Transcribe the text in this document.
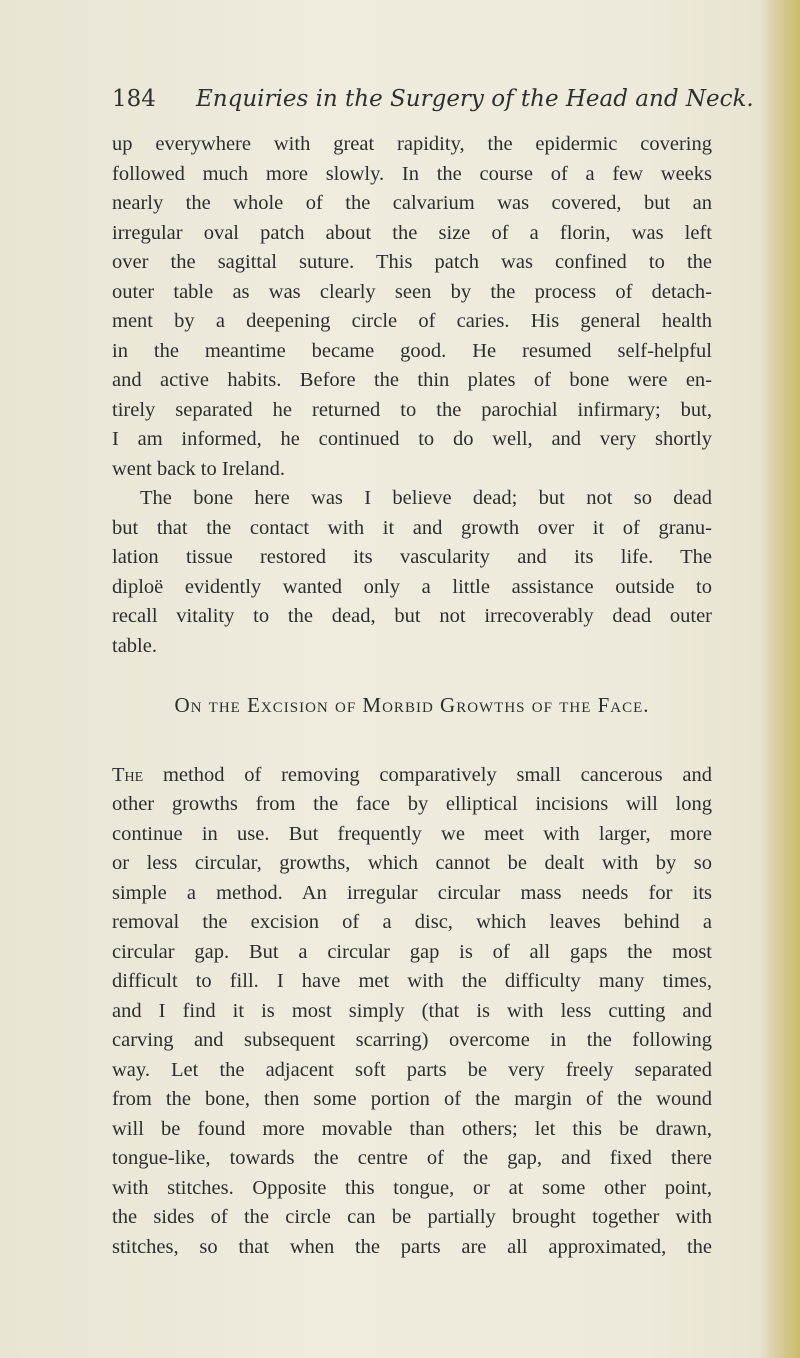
184 Enquiries in the Surgery of the Head and Neck.
up everywhere with great rapidity, the epidermic covering
followed much more slowly. In the course of a few weeks
nearly the whole of the calvarium was covered, but an
irregular oval patch about the size of a florin, was left
over the sagittal suture. This patch was confined to the
outer table as was clearly seen by the process of detach-
ment by a deepening circle of caries. His general health
in the meantime became good. He resumed self-helpful
and active habits. Before the thin plates of bone were en-
tirely separated he returned to the parochial infirmary; but,
I am informed, he continued to do well, and very shortly
went back to Ireland.
The bone here was I believe dead; but not so dead
but that the contact with it and growth over it of granu-
lation tissue restored its vascularity and its life. The
diploë evidently wanted only a little assistance outside to
recall vitality to the dead, but not irrecoverably dead outer
table.
On the Excision of Morbid Growths of the Face.
The method of removing comparatively small cancerous and
other growths from the face by elliptical incisions will long
continue in use. But frequently we meet with larger, more
or less circular, growths, which cannot be dealt with by so
simple a method. An irregular circular mass needs for its
removal the excision of a disc, which leaves behind a
circular gap. But a circular gap is of all gaps the most
difficult to fill. I have met with the difficulty many times,
and I find it is most simply (that is with less cutting and
carving and subsequent scarring) overcome in the following
way. Let the adjacent soft parts be very freely separated
from the bone, then some portion of the margin of the wound
will be found more movable than others; let this be drawn,
tongue-like, towards the centre of the gap, and fixed there
with stitches. Opposite this tongue, or at some other point,
the sides of the circle can be partially brought together with
stitches, so that when the parts are all approximated, the
